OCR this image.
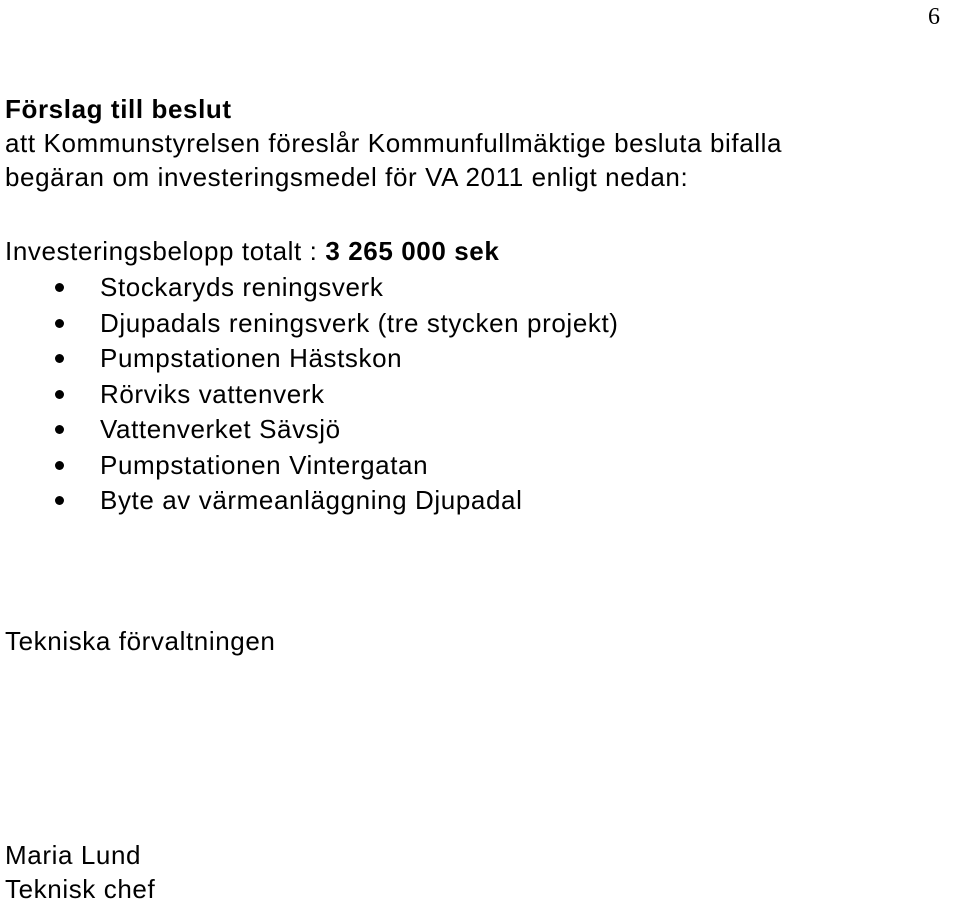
6
Förslag till beslut
att Kommunstyrelsen föreslår Kommunfullmäktige besluta bifalla
begäran om investeringsmedel för VA 2011 enligt nedan:
Investeringsbelopp totalt : 3 265 000 sek
Stockaryds reningsverk
Djupadals reningsverk (tre stycken projekt)
Pumpstationen Hästskon
Rörviks vattenverk
Vattenverket Sävsjö
Pumpstationen Vintergatan
Byte av värmeanläggning Djupadal
Tekniska förvaltningen
Maria Lund
Teknisk chef
